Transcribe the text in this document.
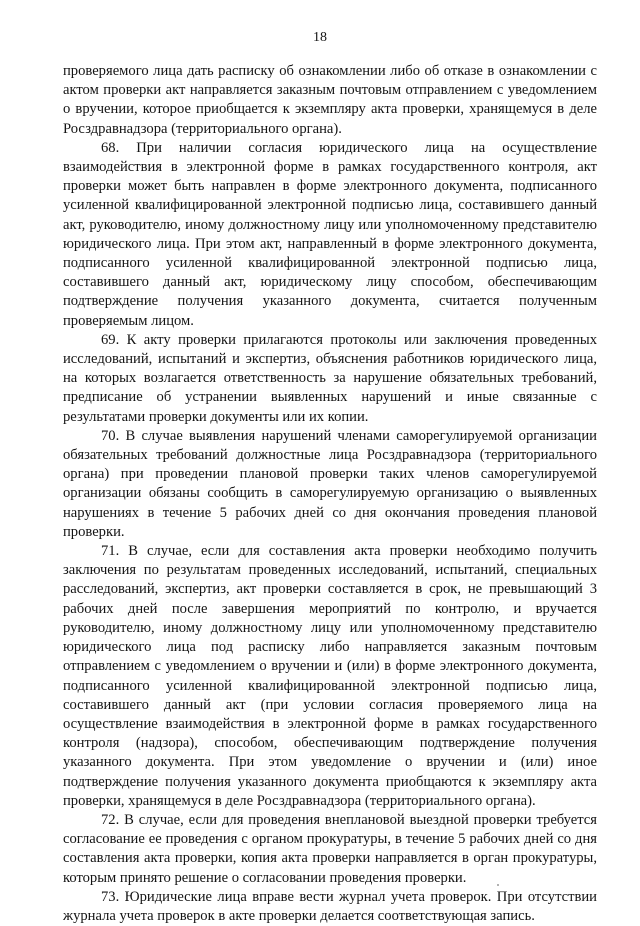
18

проверяемого лица дать расписку об ознакомлении либо об отказе в ознакомлении с актом проверки акт направляется заказным почтовым отправлением с уведомлением о вручении, которое приобщается к экземпляру акта проверки, хранящемуся в деле Росздравнадзора (территориального органа).

68. При наличии согласия юридического лица на осуществление взаимодействия в электронной форме в рамках государственного контроля, акт проверки может быть направлен в форме электронного документа, подписанного усиленной квалифицированной электронной подписью лица, составившего данный акт, руководителю, иному должностному лицу или уполномоченному представителю юридического лица. При этом акт, направленный в форме электронного документа, подписанного усиленной квалифицированной электронной подписью лица, составившего данный акт, юридическому лицу способом, обеспечивающим подтверждение получения указанного документа, считается полученным проверяемым лицом.

69. К акту проверки прилагаются протоколы или заключения проведенных исследований, испытаний и экспертиз, объяснения работников юридического лица, на которых возлагается ответственность за нарушение обязательных требований, предписание об устранении выявленных нарушений и иные связанные с результатами проверки документы или их копии.

70. В случае выявления нарушений членами саморегулируемой организации обязательных требований должностные лица Росздравнадзора (территориального органа) при проведении плановой проверки таких членов саморегулируемой организации обязаны сообщить в саморегулируемую организацию о выявленных нарушениях в течение 5 рабочих дней со дня окончания проведения плановой проверки.

71. В случае, если для составления акта проверки необходимо получить заключения по результатам проведенных исследований, испытаний, специальных расследований, экспертиз, акт проверки составляется в срок, не превышающий 3 рабочих дней после завершения мероприятий по контролю, и вручается руководителю, иному должностному лицу или уполномоченному представителю юридического лица под расписку либо направляется заказным почтовым отправлением с уведомлением о вручении и (или) в форме электронного документа, подписанного усиленной квалифицированной электронной подписью лица, составившего данный акт (при условии согласия проверяемого лица на осуществление взаимодействия в электронной форме в рамках государственного контроля (надзора), способом, обеспечивающим подтверждение получения указанного документа. При этом уведомление о вручении и (или) иное подтверждение получения указанного документа приобщаются к экземпляру акта проверки, хранящемуся в деле Росздравнадзора (территориального органа).

72. В случае, если для проведения внеплановой выездной проверки требуется согласование ее проведения с органом прокуратуры, в течение 5 рабочих дней со дня составления акта проверки, копия акта проверки направляется в орган прокуратуры, которым принято решение о согласовании проведения проверки.

73. Юридические лица вправе вести журнал учета проверок. При отсутствии журнала учета проверок в акте проверки делается соответствующая запись.
